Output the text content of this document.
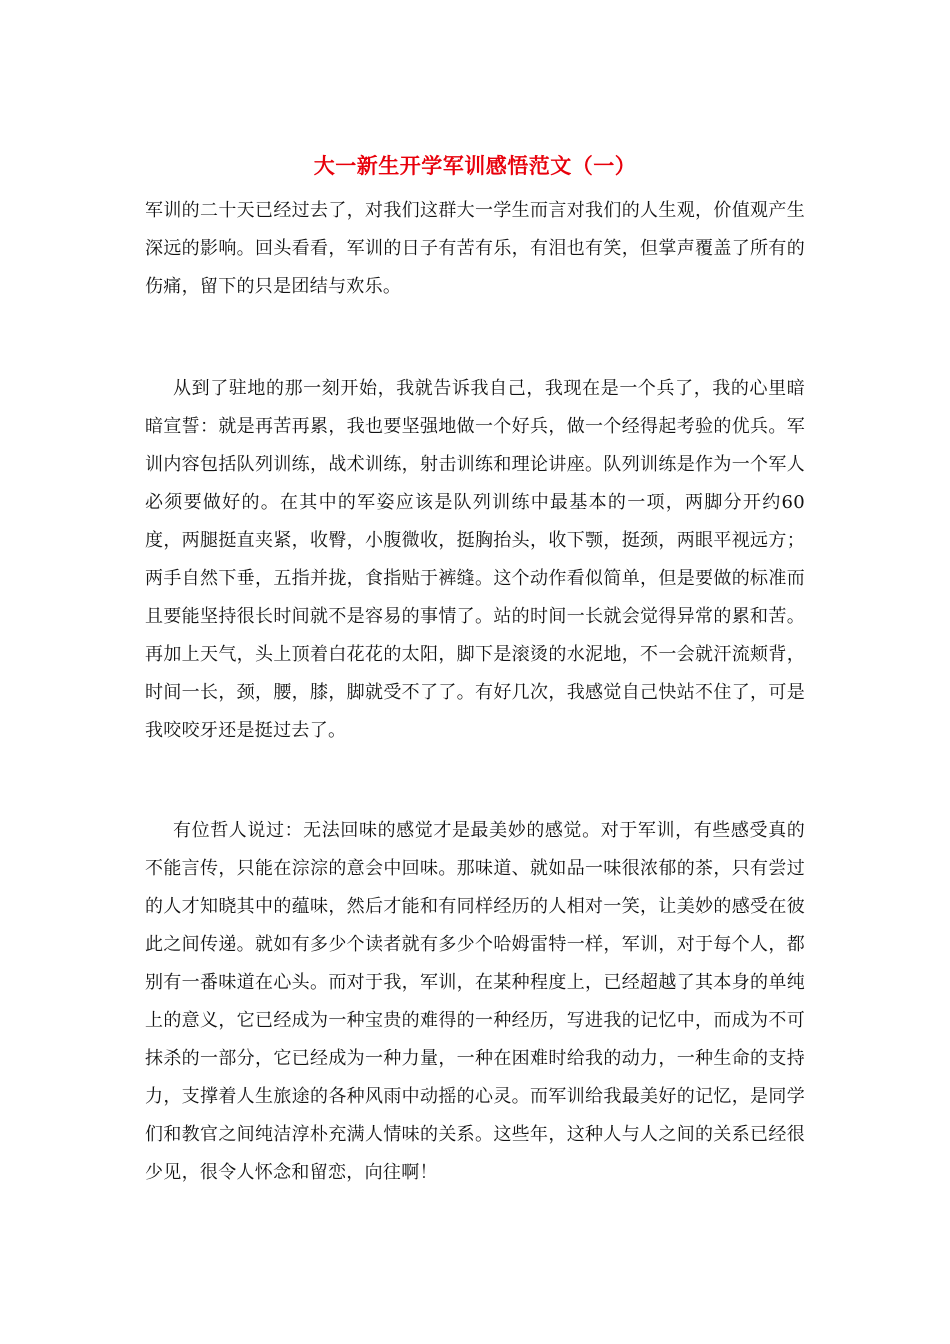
大一新生开学军训感悟范文（一）

军训的二十天已经过去了，对我们这群大一学生而言对我们的人生观，价值观产生深远的影响。回头看看，军训的日子有苦有乐，有泪也有笑，但掌声覆盖了所有的伤痛，留下的只是团结与欢乐。

从到了驻地的那一刻开始，我就告诉我自己，我现在是一个兵了，我的心里暗暗宣誓：就是再苦再累，我也要坚强地做一个好兵，做一个经得起考验的优兵。军训内容包括队列训练，战术训练，射击训练和理论讲座。队列训练是作为一个军人必须要做好的。在其中的军姿应该是队列训练中最基本的一项，两脚分开约60度，两腿挺直夹紧，收臀，小腹微收，挺胸抬头，收下颚，挺颈，两眼平视远方；两手自然下垂，五指并拢，食指贴于裤缝。这个动作看似简单，但是要做的标准而且要能坚持很长时间就不是容易的事情了。站的时间一长就会觉得异常的累和苦。再加上天气，头上顶着白花花的太阳，脚下是滚烫的水泥地，不一会就汗流颊背，时间一长，颈，腰，膝，脚就受不了了。有好几次，我感觉自己快站不住了，可是我咬咬牙还是挺过去了。

有位哲人说过：无法回味的感觉才是最美妙的感觉。对于军训，有些感受真的不能言传，只能在淙淙的意会中回味。那味道、就如品一味很浓郁的茶，只有尝过的人才知晓其中的蕴味，然后才能和有同样经历的人相对一笑，让美妙的感受在彼此之间传递。就如有多少个读者就有多少个哈姆雷特一样，军训，对于每个人，都别有一番味道在心头。而对于我，军训，在某种程度上，已经超越了其本身的单纯上的意义，它已经成为一种宝贵的难得的一种经历，写进我的记忆中，而成为不可抹杀的一部分，它已经成为一种力量，一种在困难时给我的动力，一种生命的支持力，支撑着人生旅途的各种风雨中动摇的心灵。而军训给我最美好的记忆，是同学们和教官之间纯洁淳朴充满人情味的关系。这些年，这种人与人之间的关系已经很少见，很令人怀念和留恋，向往啊！
